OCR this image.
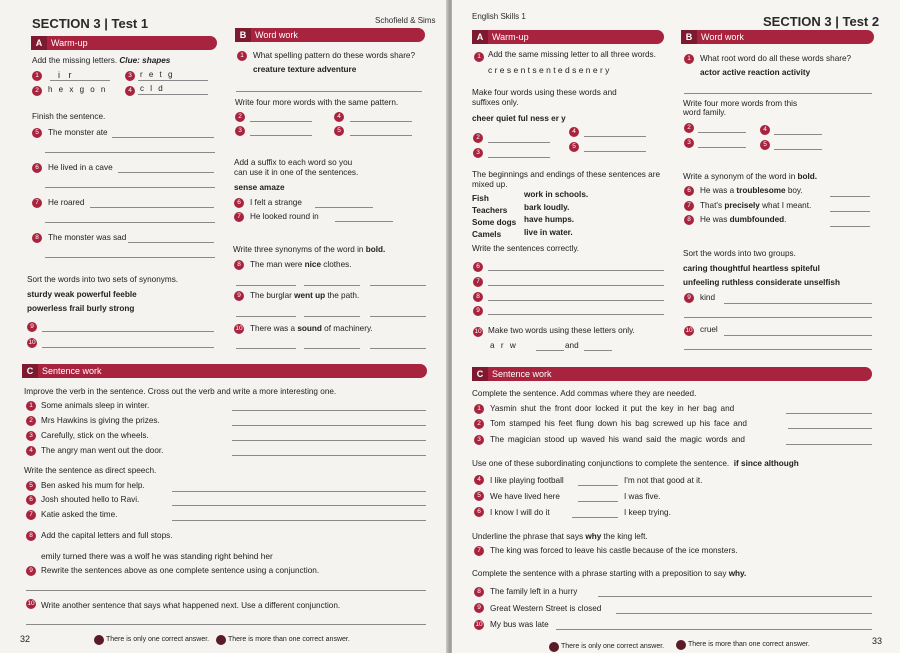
SECTION 3 | Test 1	Schofield & Sims
A Warm-up
Add the missing letters. Clue: shapes
1	i r
2	h e x g o n
3	r e t g
4	c l d
Finish the sentence.
5	The monster ate
6	He lived in a cave
7	He roared
8	The monster was sad
Sort the words into two sets of synonyms.
sturdy weak powerful feeble
powerless frail burly strong
9
10
B Word work
1	What spelling pattern do these words share?
creature texture adventure
Write four more words with the same pattern.
2	4
3	5
Add a suffix to each word so you
can use it in one of the sentences.
sense amaze
6	I felt a strange
7	He looked round in
Write three synonyms of the word in bold.
8	The man were nice clothes.
9	The burglar went up the path.
10 There was a sound of machinery.
C Sentence work
Improve the verb in the sentence. Cross out the verb and write a more interesting one.
1 Some animals sleep in winter.
2 Mrs Hawkins is giving the prizes.
3 Carefully, stick on the wheels.
4 The angry man went out the door.
Write the sentence as direct speech.
5 Ben asked his mum for help.
6 Josh shouted hello to Ravi.
7 Katie asked the time.
8 Add the capital letters and full stops.
emily turned there was a wolf he was standing right behind her
9 Rewrite the sentences above as one complete sentence using a conjunction.
10 Write another sentence that says what happened next. Use a different conjunction.
32	There is only one correct answer.	There is more than one correct answer.
English Skills 1	SECTION 3 | Test 2
A Warm-up
1 Add the same missing letter to all three words.
c r e s e n t s e n t e d s e n e r y
Make four words using these words and
suffixes only.
cheer quiet ful ness er y
2
4
3
5
The beginnings and endings of these sentences are
mixed up.
Fish
Teachers
Some dogs
Camels
work in schools.
bark loudly.
have humps.
live in water.
Write the sentences correctly.
6
7
8
9
10 Make two words using these letters only.
a r w	and
B Word work
1	What root word do all these words share?
actor active reaction activity
Write four more words from this
word family.
2	4
3	5
Write a synonym of the word in bold.
6	He was a troublesome boy.
7	That's precisely what I meant.
8	He was dumbfounded.
Sort the words into two groups.
caring thoughtful heartless spiteful
unfeeling ruthless considerate unselfish
9	kind
10 cruel
C Sentence work
Complete the sentence. Add commas where they are needed.
1	Yasmin shut the front door locked it put the key in her bag and
2	Tom stamped his feet flung down his bag screwed up his face and
3	The magician stood up waved his wand said the magic words and
Use one of these subordinating conjunctions to complete the sentence. if since although
4	I like playing football	I'm not that good at it.
5	We have lived here	I was five.
6	I know I will do it	I keep trying.
Underline the phrase that says why the king left.
7	The king was forced to leave his castle because of the ice monsters.
Complete the sentence with a phrase starting with a preposition to say why.
8	The family left in a hurry
9	Great Western Street is closed
10 My bus was late
There is only one correct answer.	There is more than one correct answer.	33
